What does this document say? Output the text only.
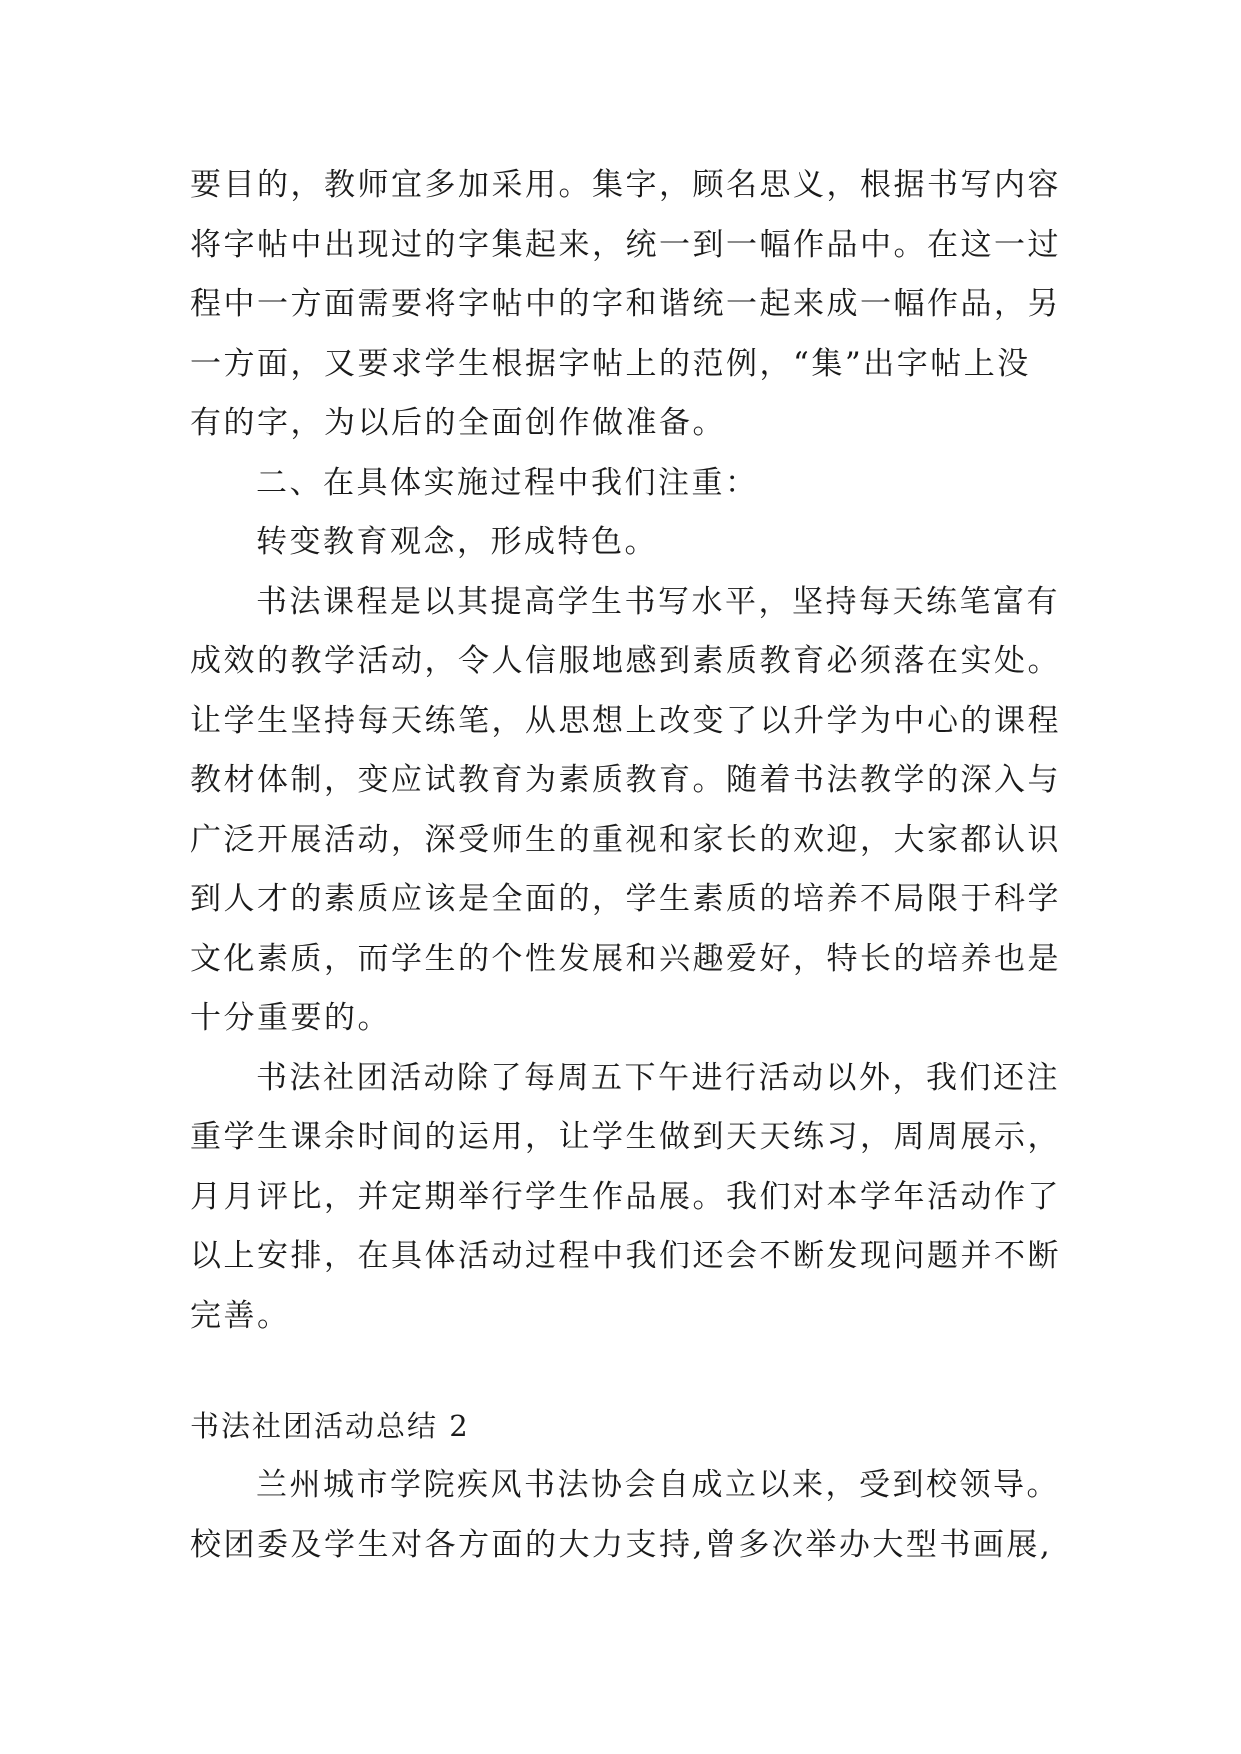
要目的，教师宜多加采用。集字，顾名思义，根据书写内容
将字帖中出现过的字集起来，统一到一幅作品中。在这一过
程中一方面需要将字帖中的字和谐统一起来成一幅作品，另
一方面，又要求学生根据字帖上的范例，“集”出字帖上没
有的字，为以后的全面创作做准备。
二、在具体实施过程中我们注重：
转变教育观念，形成特色。
书法课程是以其提高学生书写水平，坚持每天练笔富有
成效的教学活动，令人信服地感到素质教育必须落在实处。
让学生坚持每天练笔，从思想上改变了以升学为中心的课程
教材体制，变应试教育为素质教育。随着书法教学的深入与
广泛开展活动，深受师生的重视和家长的欢迎，大家都认识
到人才的素质应该是全面的，学生素质的培养不局限于科学
文化素质，而学生的个性发展和兴趣爱好，特长的培养也是
十分重要的。
书法社团活动除了每周五下午进行活动以外，我们还注
重学生课余时间的运用，让学生做到天天练习，周周展示，
月月评比，并定期举行学生作品展。我们对本学年活动作了
以上安排，在具体活动过程中我们还会不断发现问题并不断
完善。
书法社团活动总结 2
兰州城市学院疾风书法协会自成立以来，受到校领导。
校团委及学生对各方面的大力支持,曾多次举办大型书画展,
